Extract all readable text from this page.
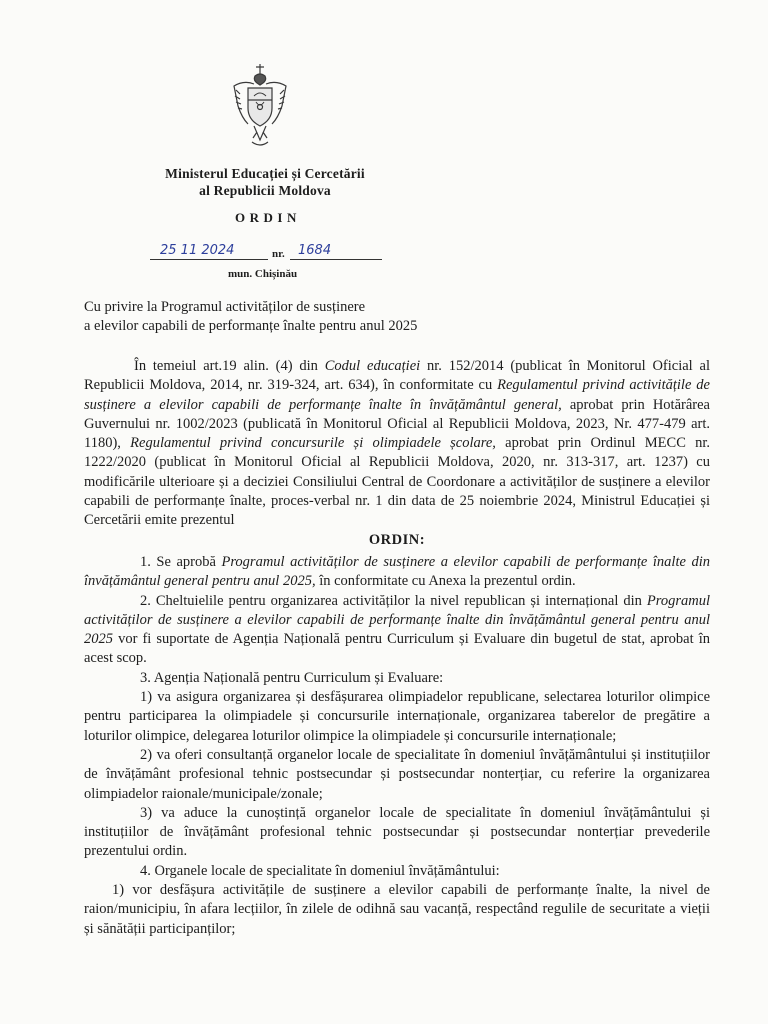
Ministerul Educației și Cercetării
al Republicii Moldova
ORDIN
25 11 2024	nr. 1684
mun. Chișinău
Cu privire la Programul activităților de susținere
a elevilor capabili de performanțe înalte pentru anul 2025

În temeiul art.19 alin. (4) din Codul educației nr. 152/2014 (publicat în Monitorul Oficial al Republicii Moldova, 2014, nr. 319-324, art. 634), în conformitate cu Regulamentul privind activitățile de susținere a elevilor capabili de performanțe înalte în învățământul general, aprobat prin Hotărârea Guvernului nr. 1002/2023 (publicată în Monitorul Oficial al Republicii Moldova, 2023, Nr. 477-479 art. 1180), Regulamentul privind concursurile și olimpiadele școlare, aprobat prin Ordinul MECC nr. 1222/2020 (publicat în Monitorul Oficial al Republicii Moldova, 2020, nr. 313-317, art. 1237) cu modificările ulterioare și a deciziei Consiliului Central de Coordonare a activităților de susținere a elevilor capabili de performanțe înalte, proces-verbal nr. 1 din data de 25 noiembrie 2024, Ministrul Educației și Cercetării emite prezentul

ORDIN:

1. Se aprobă Programul activităților de susținere a elevilor capabili de performanțe înalte din învățământul general pentru anul 2025, în conformitate cu Anexa la prezentul ordin.

2. Cheltuielile pentru organizarea activităților la nivel republican și internațional din Programul activităților de susținere a elevilor capabili de performanțe înalte din învățământul general pentru anul 2025 vor fi suportate de Agenția Națională pentru Curriculum și Evaluare din bugetul de stat, aprobat în acest scop.

3. Agenția Națională pentru Curriculum și Evaluare:

1) va asigura organizarea și desfășurarea olimpiadelor republicane, selectarea loturilor olimpice pentru participarea la olimpiadele și concursurile internaționale, organizarea taberelor de pregătire a loturilor olimpice, delegarea loturilor olimpice la olimpiadele și concursurile internaționale;

2) va oferi consultanță organelor locale de specialitate în domeniul învățământului și instituțiilor de învățământ profesional tehnic postsecundar și postsecundar nonterțiar, cu referire la organizarea olimpiadelor raionale/municipale/zonale;

3) va aduce la cunoștință organelor locale de specialitate în domeniul învățământului și instituțiilor de învățământ profesional tehnic postsecundar și postsecundar nonterțiar prevederile prezentului ordin.

4. Organele locale de specialitate în domeniul învățământului:

1) vor desfășura activitățile de susținere a elevilor capabili de performanțe înalte, la nivel de raion/municipiu, în afara lecțiilor, în zilele de odihnă sau vacanță, respectând regulile de securitate a vieții și sănătății participanților;
